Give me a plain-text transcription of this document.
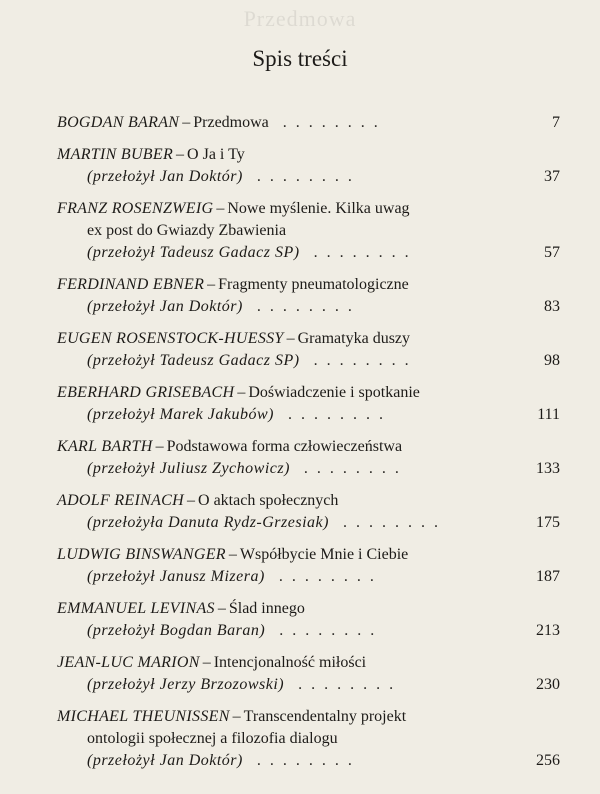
Przedmowa
Spis treści
BOGDAN BARAN – Przedmowa ........	7
MARTIN BUBER – O Ja i Ty
(przełożył Jan Doktór) ........	37
FRANZ ROSENZWEIG – Nowe myślenie. Kilka uwag
ex post do Gwiazdy Zbawienia
(przełożył Tadeusz Gadacz SP) ........	57
FERDINAND EBNER – Fragmenty pneumatologiczne
(przełożył Jan Doktór) ........	83
EUGEN ROSENSTOCK-HUESSY – Gramatyka duszy
(przełożył Tadeusz Gadacz SP) ........	98
EBERHARD GRISEBACH – Doświadczenie i spotkanie
(przełożył Marek Jakubów) ........	111
KARL BARTH – Podstawowa forma człowieczeństwa
(przełożył Juliusz Zychowicz) ........	133
ADOLF REINACH – O aktach społecznych
(przełożyła Danuta Rydz-Grzesiak) ........	175
LUDWIG BINSWANGER – Współbycie Mnie i Ciebie
(przełożył Janusz Mizera) ........	187
EMMANUEL LEVINAS – Ślad innego
(przełożył Bogdan Baran) ........	213
JEAN-LUC MARION – Intencjonalność miłości
(przełożył Jerzy Brzozowski) ........	230
MICHAEL THEUNISSEN – Transcendentalny projekt
ontologii społecznej a filozofia dialogu
(przełożył Jan Doktór) ........	256
